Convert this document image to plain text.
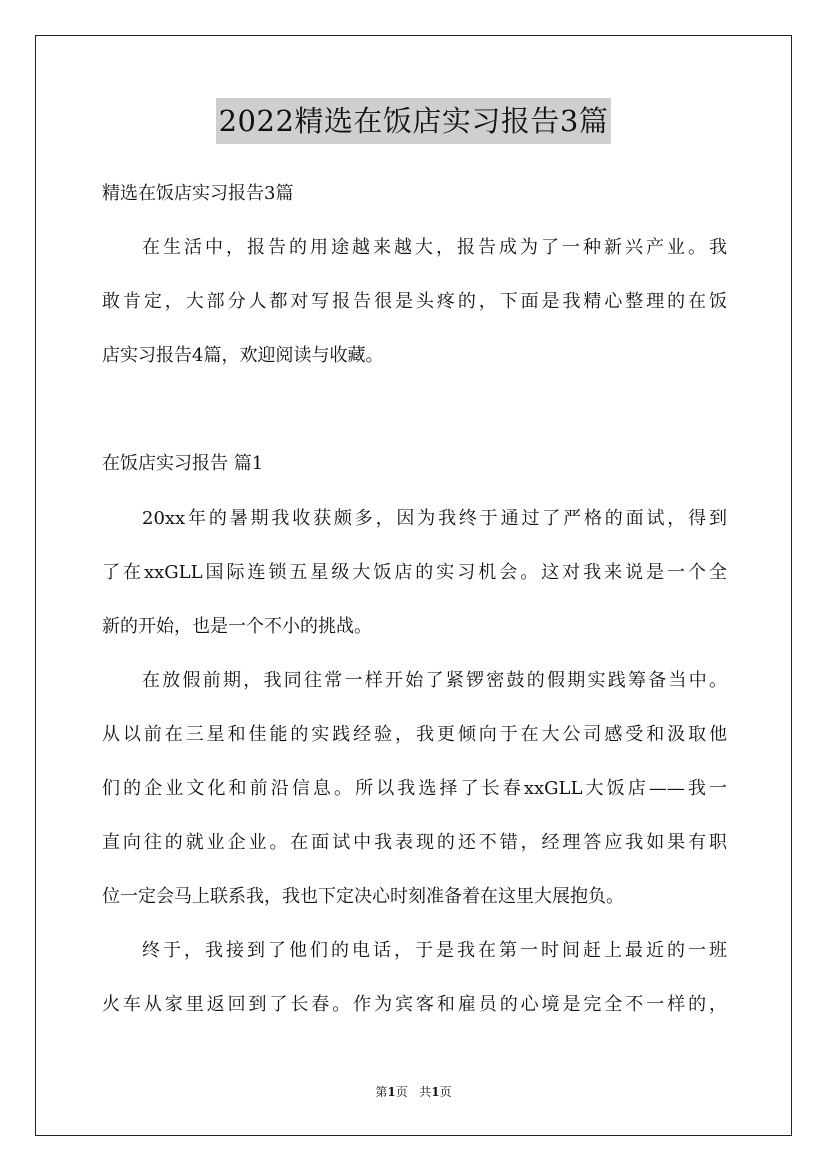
2022精选在饭店实习报告3篇
精选在饭店实习报告3篇
在生活中，报告的用途越来越大，报告成为了一种新兴产业。我
敢肯定，大部分人都对写报告很是头疼的，下面是我精心整理的在饭
店实习报告4篇，欢迎阅读与收藏。
在饭店实习报告 篇1
20xx年的暑期我收获颇多，因为我终于通过了严格的面试，得到
了在xxGLL国际连锁五星级大饭店的实习机会。这对我来说是一个全
新的开始，也是一个不小的挑战。
在放假前期，我同往常一样开始了紧锣密鼓的假期实践筹备当中。
从以前在三星和佳能的实践经验，我更倾向于在大公司感受和汲取他
们的企业文化和前沿信息。所以我选择了长春xxGLL大饭店——我一
直向往的就业企业。在面试中我表现的还不错，经理答应我如果有职
位一定会马上联系我，我也下定决心时刻准备着在这里大展抱负。
终于，我接到了他们的电话，于是我在第一时间赶上最近的一班
火车从家里返回到了长春。作为宾客和雇员的心境是完全不一样的，
第1页 共1页
